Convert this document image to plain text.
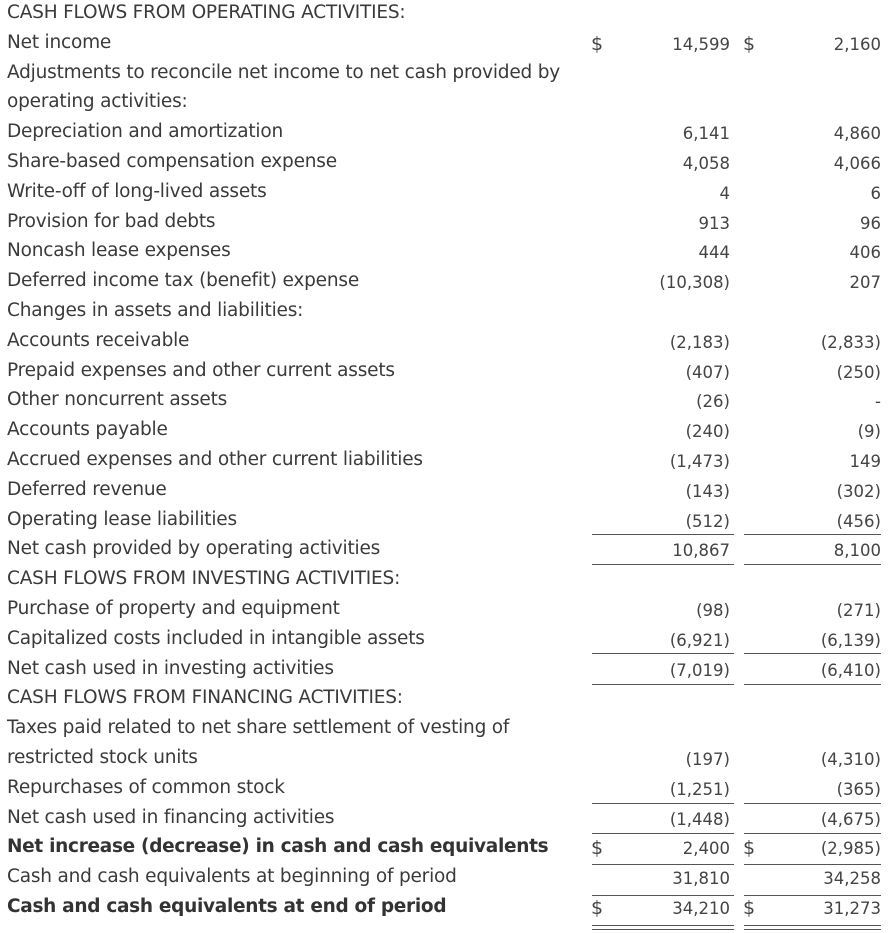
CASH FLOWS FROM OPERATING ACTIVITIES:
Net income	$	14,599 $	2,160
Adjustments to reconcile net income to net cash provided by
operating activities:
Depreciation and amortization	6,141	4,860
Share-based compensation expense	4,058	4,066
Write-off of long-lived assets	4	6
Provision for bad debts	913	96
Noncash lease expenses	444	406
Deferred income tax (benefit) expense	(10,308)	207
Changes in assets and liabilities:
Accounts receivable	(2,183)	(2,833)
Prepaid expenses and other current assets	(407)	(250)
Other noncurrent assets	(26)	-
Accounts payable	(240)	(9)
Accrued expenses and other current liabilities	(1,473)	149
Deferred revenue	(143)	(302)
Operating lease liabilities	(512)	(456)
Net cash provided by operating activities	10,867	8,100
CASH FLOWS FROM INVESTING ACTIVITIES:
Purchase of property and equipment	(98)	(271)
Capitalized costs included in intangible assets	(6,921)	(6,139)
Net cash used in investing activities	(7,019)	(6,410)
CASH FLOWS FROM FINANCING ACTIVITIES:
Taxes paid related to net share settlement of vesting of
restricted stock units	(197)	(4,310)
Repurchases of common stock	(1,251)	(365)
Net cash used in financing activities	(1,448)	(4,675)
Net increase (decrease) in cash and cash equivalents $	2,400 $	(2,985)
Cash and cash equivalents at beginning of period	31,810	34,258
Cash and cash equivalents at end of period	$	34,210 $	31,273
